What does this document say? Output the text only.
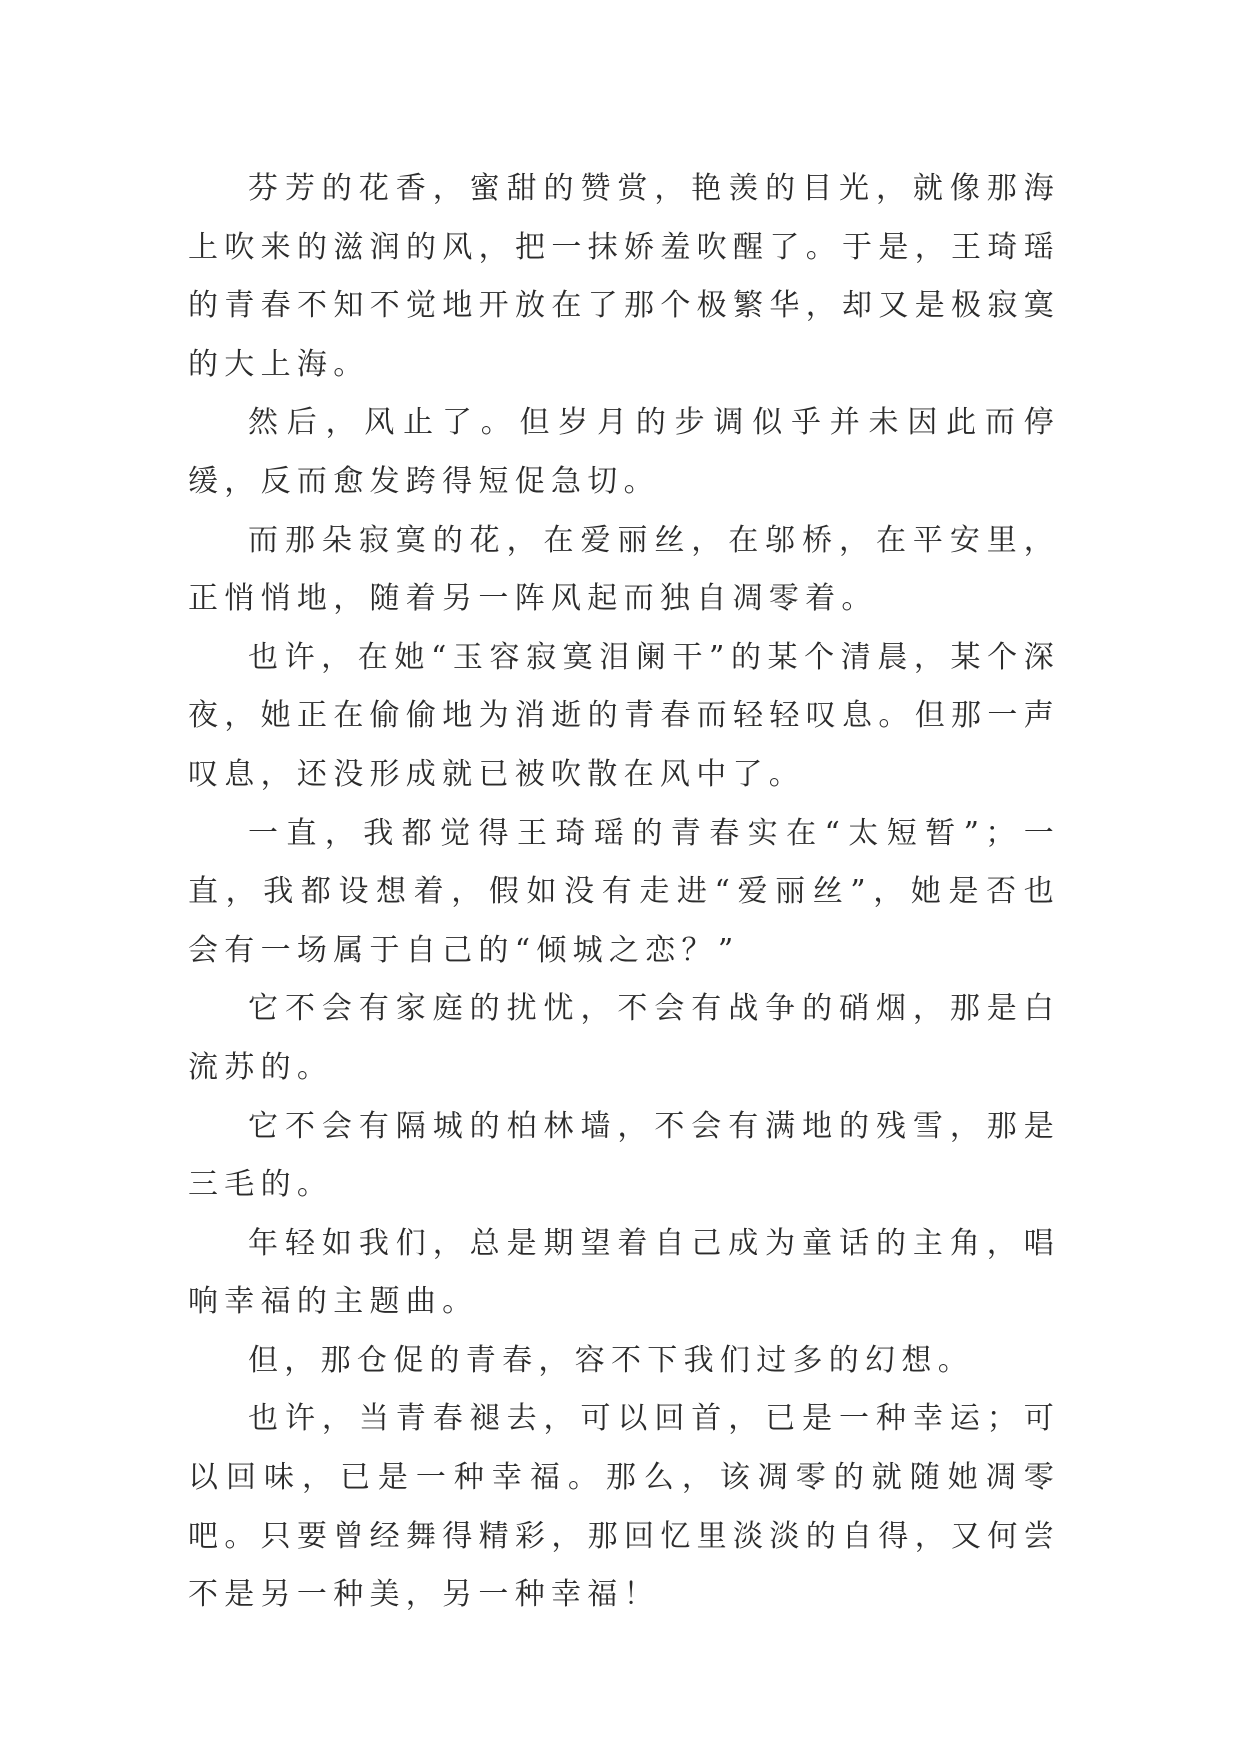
芬芳的花香，蜜甜的赞赏，艳羡的目光，就像那海上吹来的滋润的风，把一抹娇羞吹醒了。于是，王琦瑶的青春不知不觉地开放在了那个极繁华，却又是极寂寞的大上海。

然后，风止了。但岁月的步调似乎并未因此而停缓，反而愈发跨得短促急切。

而那朵寂寞的花，在爱丽丝，在邬桥，在平安里，正悄悄地，随着另一阵风起而独自凋零着。

也许，在她“玉容寂寞泪阑干”的某个清晨，某个深夜，她正在偷偷地为消逝的青春而轻轻叹息。但那一声叹息，还没形成就已被吹散在风中了。

一直，我都觉得王琦瑶的青春实在“太短暂”；一直，我都设想着，假如没有走进“爱丽丝”，她是否也会有一场属于自己的“倾城之恋？”

它不会有家庭的扰忧，不会有战争的硝烟，那是白流苏的。

它不会有隔城的柏林墙，不会有满地的残雪，那是三毛的。

年轻如我们，总是期望着自己成为童话的主角，唱响幸福的主题曲。

但，那仓促的青春，容不下我们过多的幻想。

也许，当青春褪去，可以回首，已是一种幸运；可以回味，已是一种幸福。那么，该凋零的就随她凋零吧。只要曾经舞得精彩，那回忆里淡淡的自得，又何尝不是另一种美，另一种幸福！
